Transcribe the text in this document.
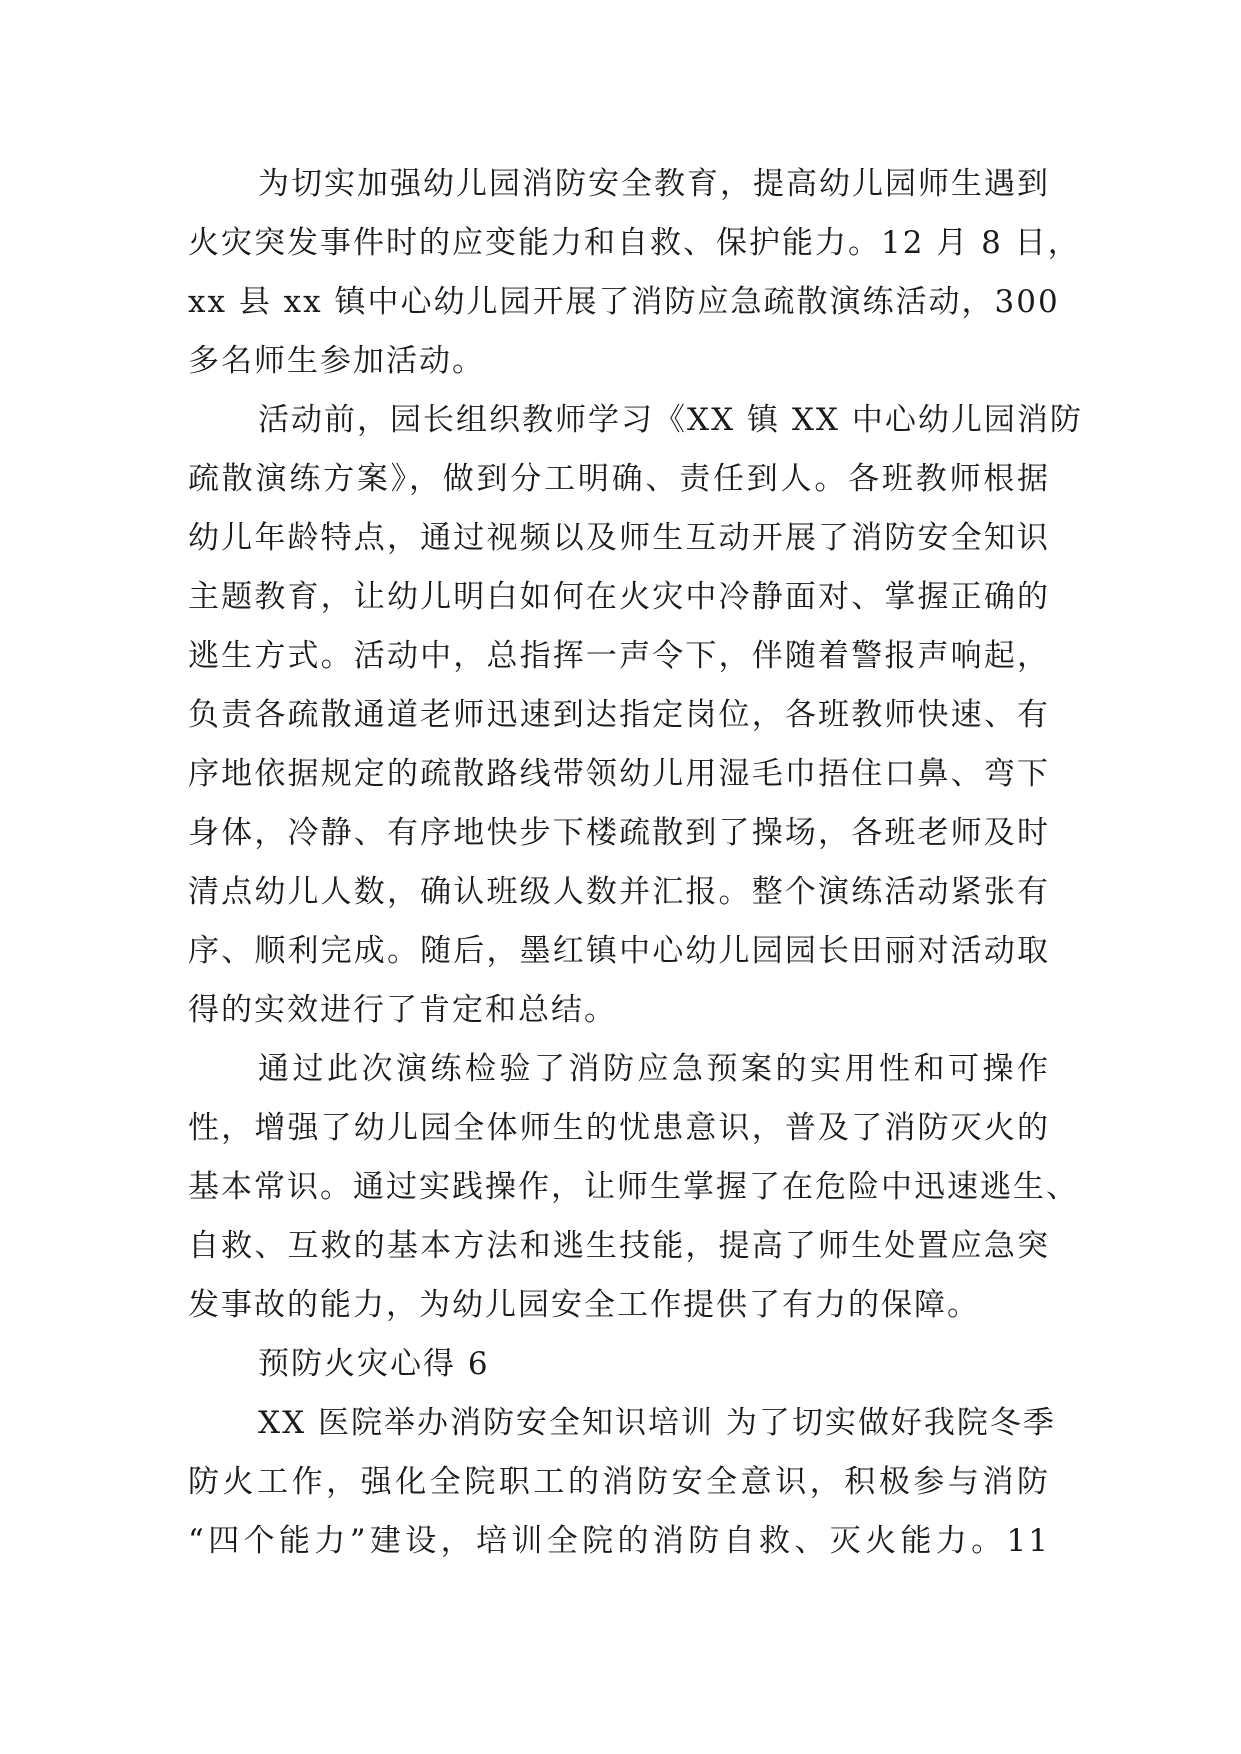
为切实加强幼儿园消防安全教育，提高幼儿园师生遇到
火灾突发事件时的应变能力和自救、保护能力。12 月 8 日，
xx 县 xx 镇中心幼儿园开展了消防应急疏散演练活动，300
多名师生参加活动。

活动前，园长组织教师学习《XX 镇 XX 中心幼儿园消防
疏散演练方案》，做到分工明确、责任到人。各班教师根据
幼儿年龄特点，通过视频以及师生互动开展了消防安全知识
主题教育，让幼儿明白如何在火灾中冷静面对、掌握正确的
逃生方式。活动中，总指挥一声令下，伴随着警报声响起，
负责各疏散通道老师迅速到达指定岗位，各班教师快速、有
序地依据规定的疏散路线带领幼儿用湿毛巾捂住口鼻、弯下
身体，冷静、有序地快步下楼疏散到了操场，各班老师及时
清点幼儿人数，确认班级人数并汇报。整个演练活动紧张有
序、顺利完成。随后，墨红镇中心幼儿园园长田丽对活动取
得的实效进行了肯定和总结。

通过此次演练检验了消防应急预案的实用性和可操作
性，增强了幼儿园全体师生的忧患意识，普及了消防灭火的
基本常识。通过实践操作，让师生掌握了在危险中迅速逃生、
自救、互救的基本方法和逃生技能，提高了师生处置应急突
发事故的能力，为幼儿园安全工作提供了有力的保障。

预防火灾心得 6

XX 医院举办消防安全知识培训 为了切实做好我院冬季
防火工作，强化全院职工的消防安全意识，积极参与消防
“四个能力”建设，培训全院的消防自救、灭火能力。11
